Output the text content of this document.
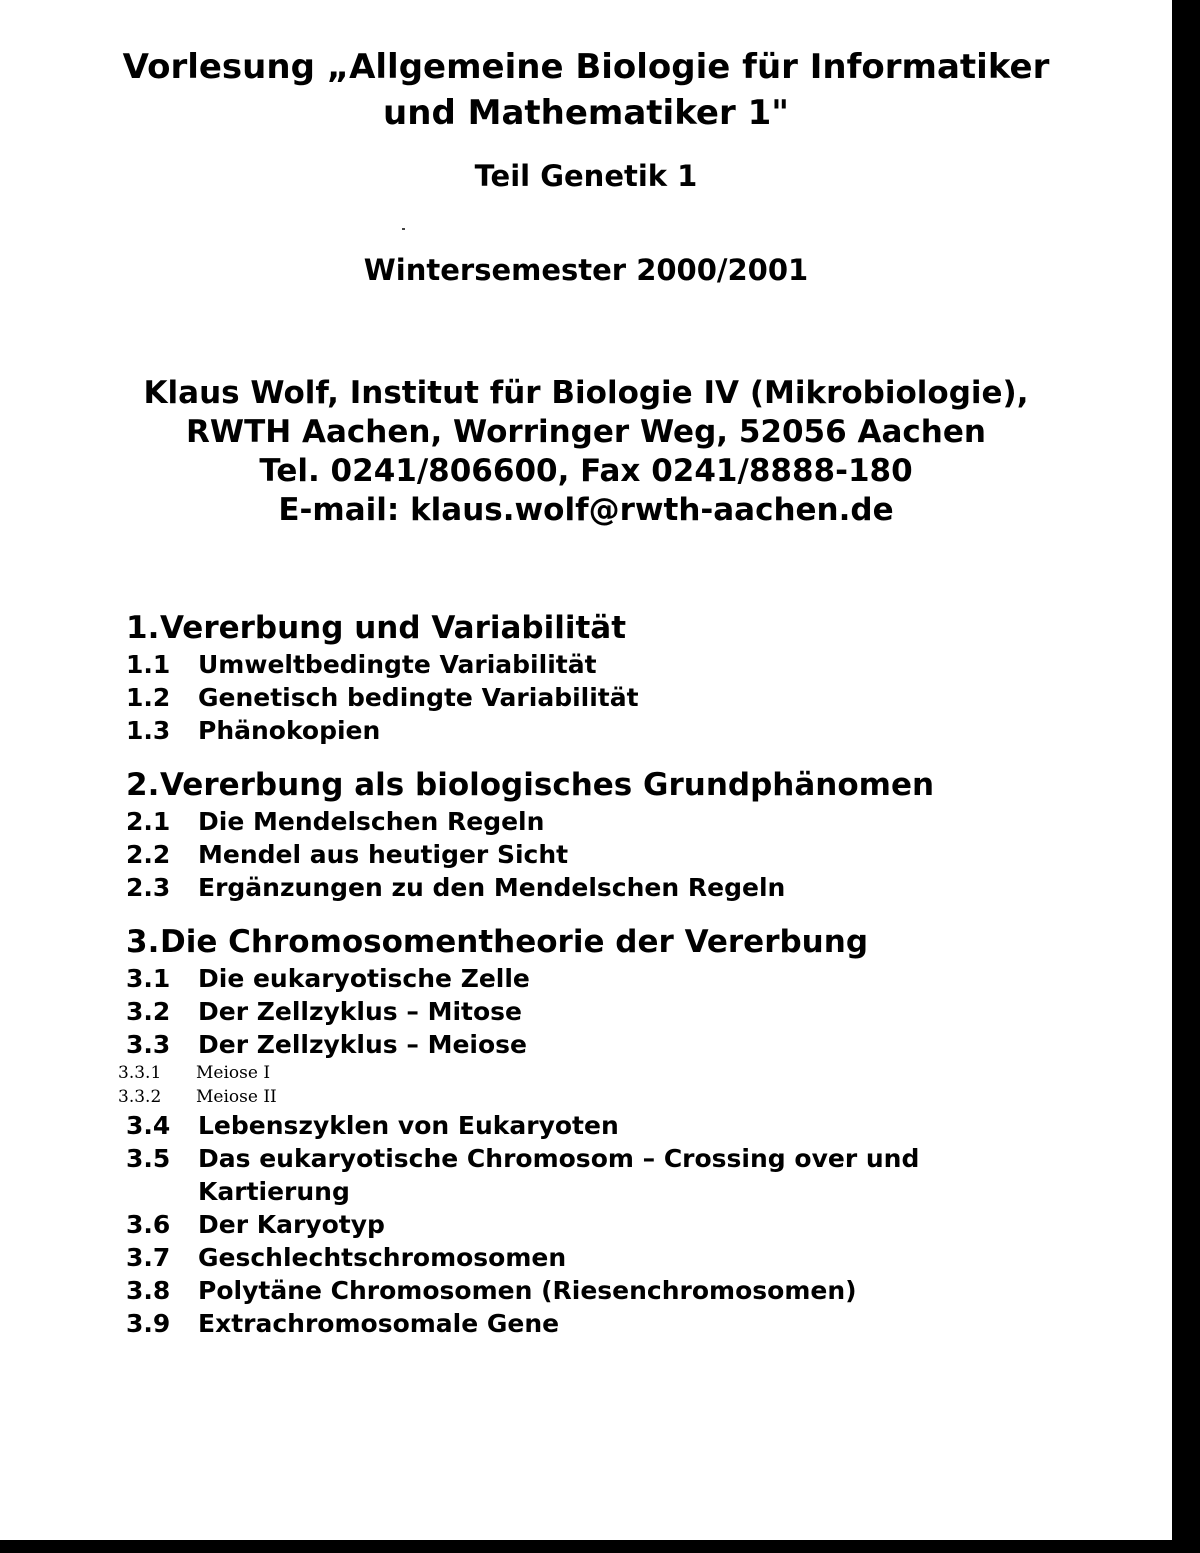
Vorlesung „Allgemeine Biologie für Informatiker
und Mathematiker 1"
Teil Genetik 1
Wintersemester 2000/2001
Klaus Wolf, Institut für Biologie IV (Mikrobiologie),
RWTH Aachen, Worringer Weg, 52056 Aachen
Tel. 0241/806600, Fax 0241/8888-180
E-mail: klaus.wolf@rwth-aachen.de

1.Vererbung und Variabilität

1.1 Umweltbedingte Variabilität
1.2 Genetisch bedingte Variabilität
1.3 Phänokopien

2.Vererbung als biologisches Grundphänomen

2.1 Die Mendelschen Regeln
2.2 Mendel aus heutiger Sicht
2.3 Ergänzungen zu den Mendelschen Regeln

3.Die Chromosomentheorie der Vererbung

3.1 Die eukaryotische Zelle
3.2 Der Zellzyklus – Mitose
3.3 Der Zellzyklus – Meiose
3.3.1 Meiose I
3.3.2 Meiose II
3.4 Lebenszyklen von Eukaryoten
3.5 Das eukaryotische Chromosom – Crossing over und Kartierung
3.6 Der Karyotyp
3.7 Geschlechtschromosomen
3.8 Polytäne Chromosomen (Riesenchromosomen)
3.9 Extrachromosomale Gene
